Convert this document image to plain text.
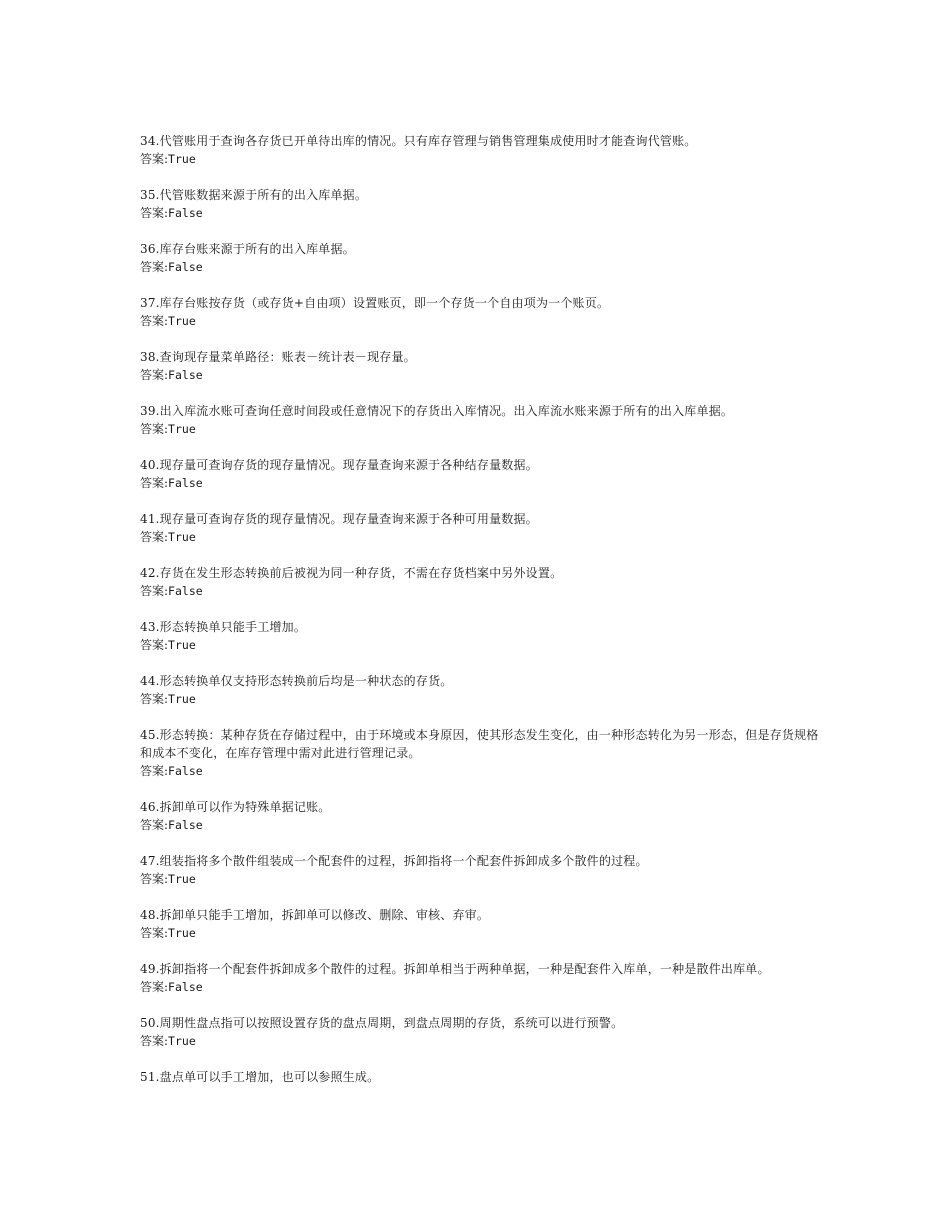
34.代管账用于查询各存货已开单待出库的情况。只有库存管理与销售管理集成使用时才能查询代管账。
答案:True
35.代管账数据来源于所有的出入库单据。
答案:False
36.库存台账来源于所有的出入库单据。
答案:False
37.库存台账按存货（或存货+自由项）设置账页，即一个存货一个自由项为一个账页。
答案:True
38.查询现存量菜单路径：账表－统计表－现存量。
答案:False
39.出入库流水账可查询任意时间段或任意情况下的存货出入库情况。出入库流水账来源于所有的出入库单据。
答案:True
40.现存量可查询存货的现存量情况。现存量查询来源于各种结存量数据。
答案:False
41.现存量可查询存货的现存量情况。现存量查询来源于各种可用量数据。
答案:True
42.存货在发生形态转换前后被视为同一种存货，不需在存货档案中另外设置。
答案:False
43.形态转换单只能手工增加。
答案:True
44.形态转换单仅支持形态转换前后均是一种状态的存货。
答案:True
45.形态转换：某种存货在存储过程中，由于环境或本身原因，使其形态发生变化，由一种形态转化为另一形态，但是存货规格和成本不变化，在库存管理中需对此进行管理记录。
答案:False
46.拆卸单可以作为特殊单据记账。
答案:False
47.组装指将多个散件组装成一个配套件的过程，拆卸指将一个配套件拆卸成多个散件的过程。
答案:True
48.拆卸单只能手工增加，拆卸单可以修改、删除、审核、弃审。
答案:True
49.拆卸指将一个配套件拆卸成多个散件的过程。拆卸单相当于两种单据，一种是配套件入库单，一种是散件出库单。
答案:False
50.周期性盘点指可以按照设置存货的盘点周期，到盘点周期的存货，系统可以进行预警。
答案:True
51.盘点单可以手工增加，也可以参照生成。
